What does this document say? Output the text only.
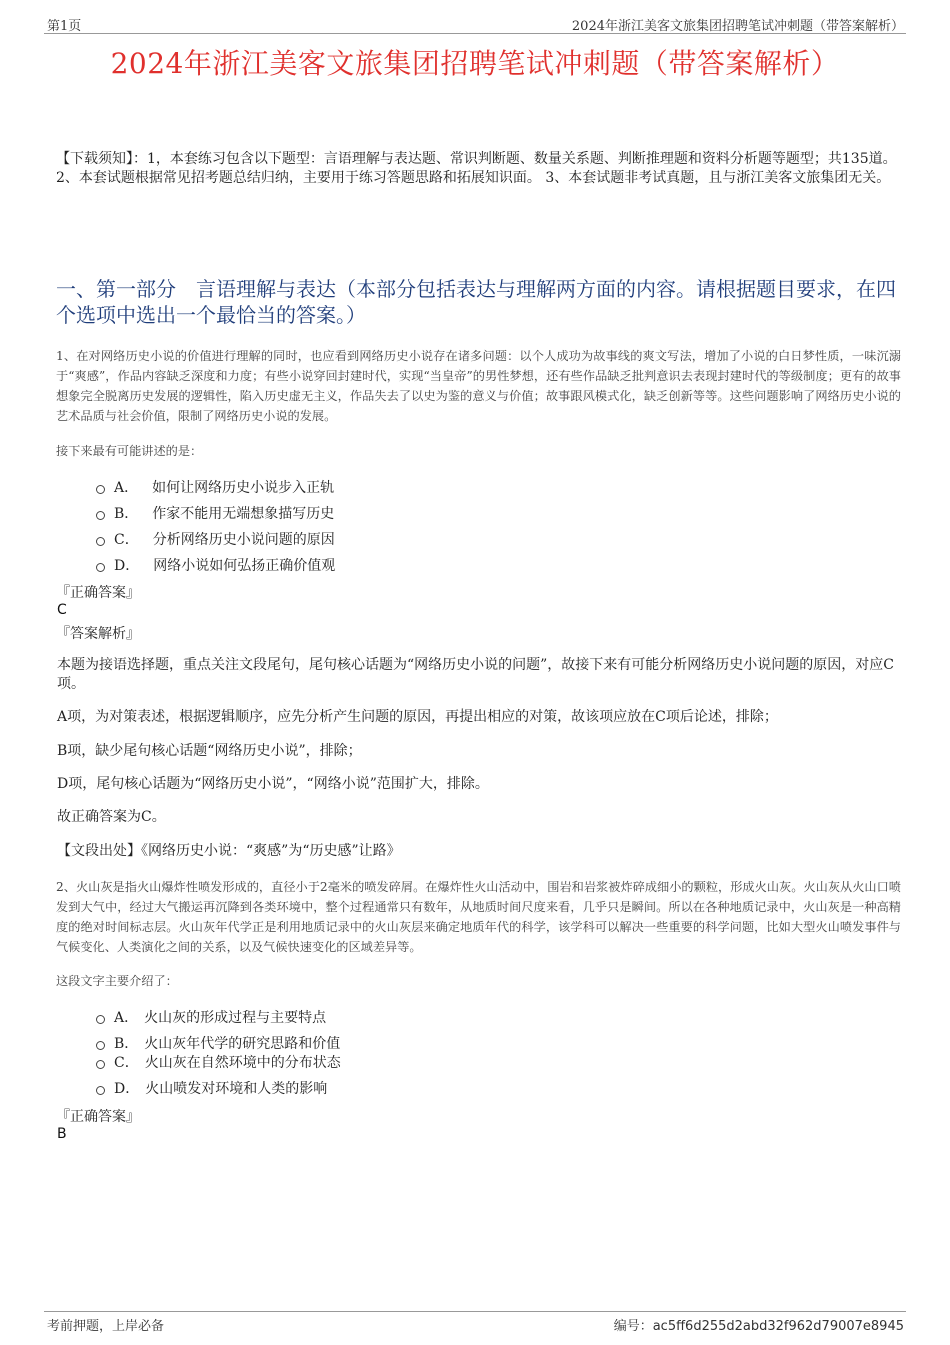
第1页	2024年浙江美客文旅集团招聘笔试冲刺题（带答案解析）
2024年浙江美客文旅集团招聘笔试冲刺题（带答案解析）
【下载须知】：1，本套练习包含以下题型：言语理解与表达题、常识判断题、数量关系题、判断推理题和资料分析题等题型；共135道。 2、本套试题根据常见招考题总结归纳，主要用于练习答题思路和拓展知识面。 3、本套试题非考试真题，且与浙江美客文旅集团无关。
一、第一部分　言语理解与表达（本部分包括表达与理解两方面的内容。请根据题目要求，在四个选项中选出一个最恰当的答案。）
1、在对网络历史小说的价值进行理解的同时，也应看到网络历史小说存在诸多问题：以个人成功为故事线的爽文写法，增加了小说的白日梦性质，一味沉溺于“爽感”，作品内容缺乏深度和力度；有些小说穿回封建时代，实现“当皇帝”的男性梦想，还有些作品缺乏批判意识去表现封建时代的等级制度；更有的故事想象完全脱离历史发展的逻辑性，陷入历史虚无主义，作品失去了以史为鉴的意义与价值；故事跟风模式化，缺乏创新等等。这些问题影响了网络历史小说的艺术品质与社会价值，限制了网络历史小说的发展。
接下来最有可能讲述的是：
A． 如何让网络历史小说步入正轨
B． 作家不能用无端想象描写历史
C． 分析网络历史小说问题的原因
D． 网络小说如何弘扬正确价值观
『正确答案』
C
『答案解析』
本题为接语选择题，重点关注文段尾句，尾句核心话题为“网络历史小说的问题”，故接下来有可能分析网络历史小说问题的原因，对应C项。
A项，为对策表述，根据逻辑顺序，应先分析产生问题的原因，再提出相应的对策，故该项应放在C项后论述，排除；
B项，缺少尾句核心话题“网络历史小说”，排除；
D项，尾句核心话题为“网络历史小说”，“网络小说”范围扩大，排除。
故正确答案为C。
【文段出处】《网络历史小说：“爽感”为“历史感”让路》
2、火山灰是指火山爆炸性喷发形成的，直径小于2毫米的喷发碎屑。在爆炸性火山活动中，围岩和岩浆被炸碎成细小的颗粒，形成火山灰。火山灰从火山口喷发到大气中，经过大气搬运再沉降到各类环境中，整个过程通常只有数年，从地质时间尺度来看，几乎只是瞬间。所以在各种地质记录中，火山灰是一种高精度的绝对时间标志层。火山灰年代学正是利用地质记录中的火山灰层来确定地质年代的科学，该学科可以解决一些重要的科学问题，比如大型火山喷发事件与气候变化、人类演化之间的关系，以及气候快速变化的区域差异等。
这段文字主要介绍了：
A． 火山灰的形成过程与主要特点
B． 火山灰年代学的研究思路和价值
C． 火山灰在自然环境中的分布状态
D． 火山喷发对环境和人类的影响
『正确答案』
B
考前押题，上岸必备	编号：ac5ff6d255d2abd32f962d79007e8945
